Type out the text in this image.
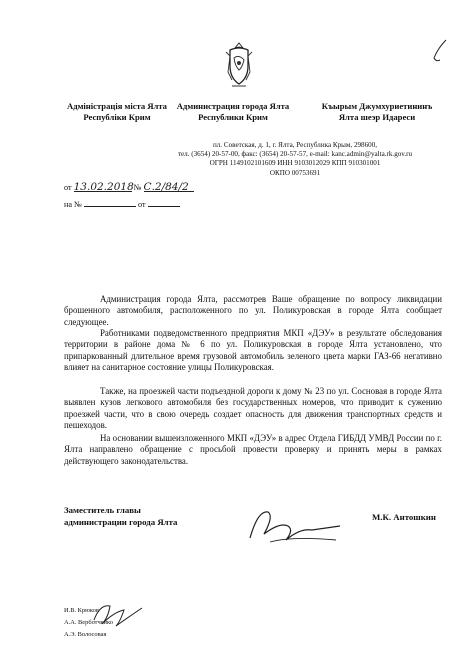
Адміністрація міста Ялта
Республіки Крим
Администрация города Ялта
Республики Крим
Къырым Джумхуриетининъ
Ялта шеэр Идареси
пл. Советская, д. 1, г. Ялта, Республика Крым, 298600,
тел. (3654) 20-57-00, факс: (3654) 20-57-57, e-mail: kanc.admin@yalta.rk.gov.ru
ОГРН 1149102101609 ИНН 9103012029 КПП 910301001
ОКПО 00753691
от 13.02.2018 № С.2/84/2
на №	от

Администрация города Ялта, рассмотрев Ваше обращение по вопросу ликвидации брошенного автомобиля, расположенного по ул. Поликуровская в городе Ялта сообщает следующее.

Работниками подведомственного предприятия МКП «ДЭУ» в результате обследования территории в районе дома № 6 по ул. Поликуровская в городе Ялта установлено, что припаркованный длительное время грузовой автомобиль зеленого цвета марки ГАЗ-66 негативно влияет на санитарное состояние улицы Поликуровская.

Также, на проезжей части подъездной дороги к дому № 23 по ул. Сосновая в городе Ялта выявлен кузов легкового автомобиля без государственных номеров, что приводит к сужению проезжей части, что в свою очередь создает опасность для движения транспортных средств и пешеходов.

На основании вышеизложенного МКП «ДЭУ» в адрес Отдела ГИБДД УМВД России по г. Ялта направлено обращение с просьбой провести проверку и принять меры в рамках действующего законодательства.

Заместитель главы
администрации города Ялта	М.К. Антошкин
И.В. Крюков
А.А. Верботченко
А.Э. Волосовая
